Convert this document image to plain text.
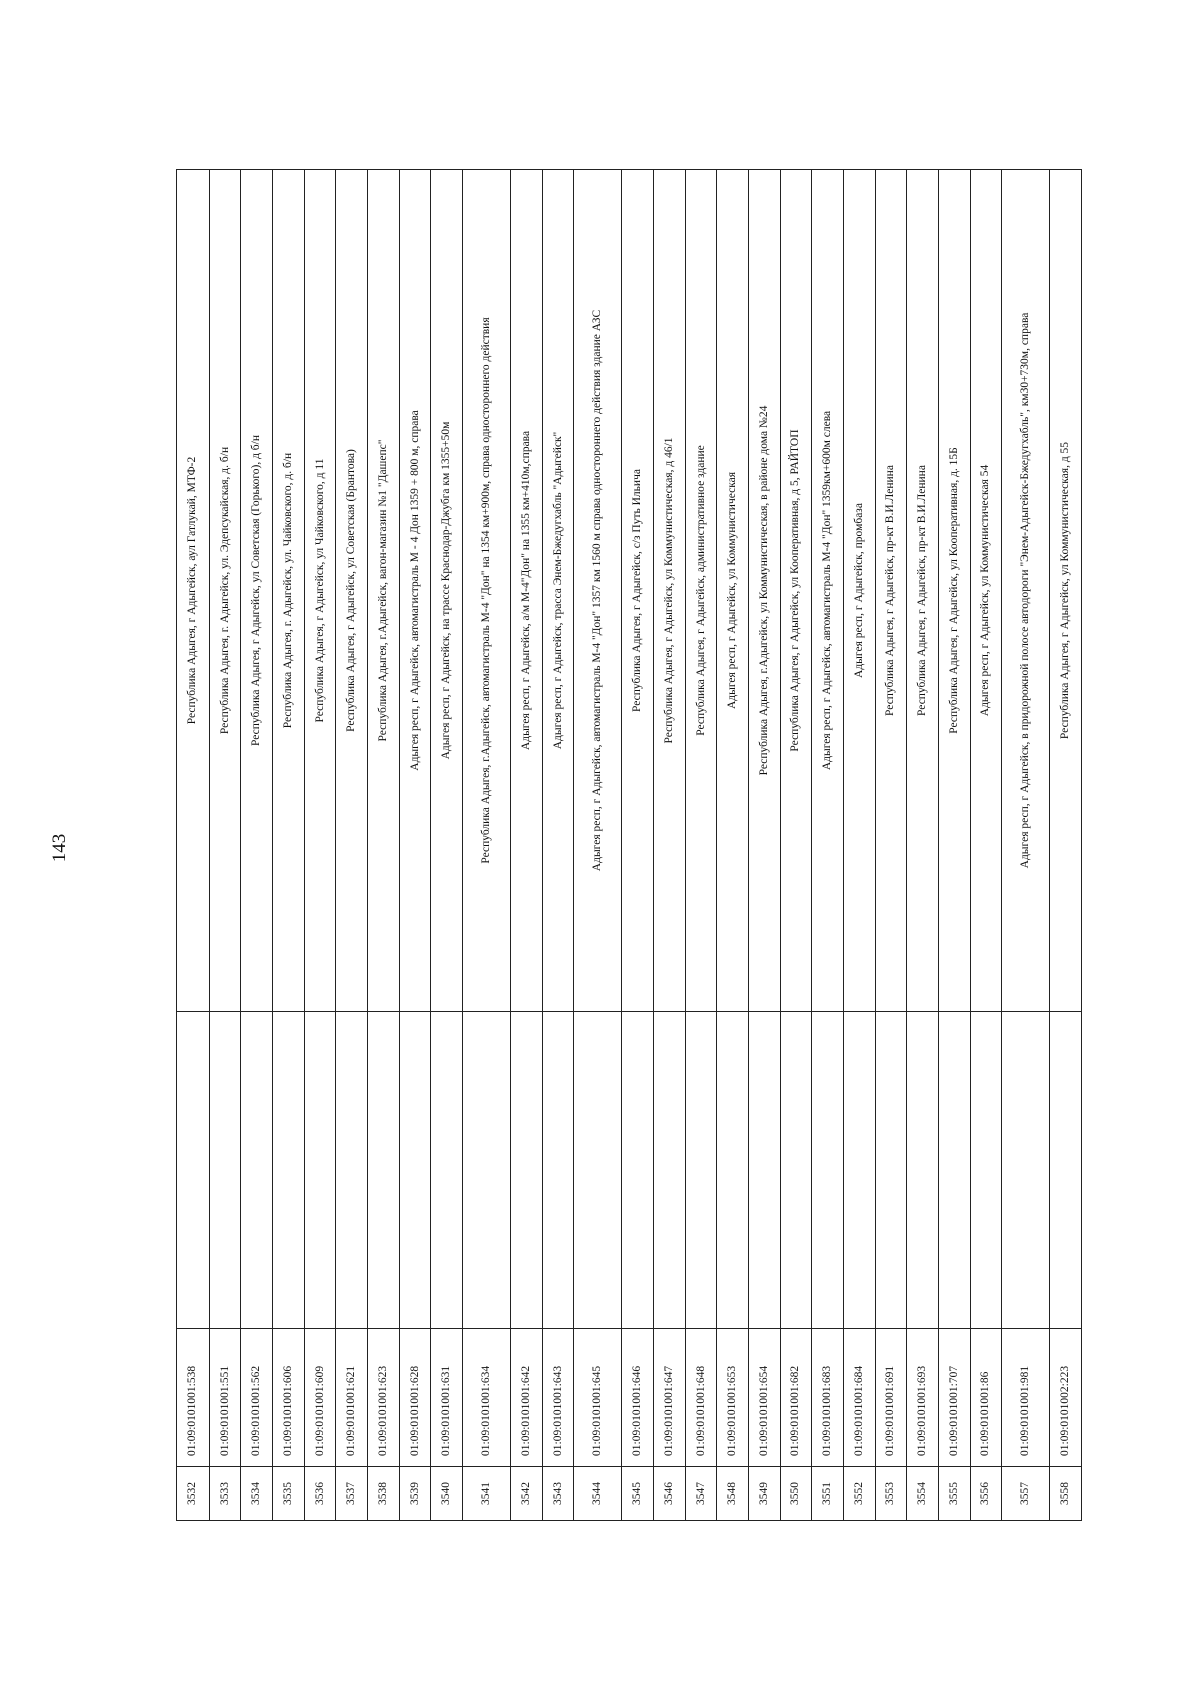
143
3532	01:09:0101001:538		Республика Адыгея, г Адыгейск, аул Гатлукай, МТФ-2
3533	01:09:0101001:551		Республика Адыгея, г. Адыгейск, ул. Эдепсукайская, д. б/н
3534	01:09:0101001:562		Республика Адыгея, г Адыгейск, ул Советская (Горького), д б/н
3535	01:09:0101001:606		Республика Адыгея, г. Адыгейск, ул. Чайковского, д. б/н
3536	01:09:0101001:609		Республика Адыгея, г Адыгейск, ул Чайковского, д 11
3537	01:09:0101001:621		Республика Адыгея, г Адыгейск, ул Советская (Брантова)
3538	01:09:0101001:623		Республика Адыгея, г.Адыгейск, вагон-магазин №1 "Дашепс"
3539	01:09:0101001:628		Адыгея респ, г Адыгейск, автомагистраль М - 4 Дон 1359 + 800 м, справа
3540	01:09:0101001:631		Адыгея респ, г Адыгейск, на трассе Краснодар-Джубга км 1355+50м
3541	01:09:0101001:634		Республика Адыгея, г.Адыгейск, автомагистраль М-4 "Дон" на 1354 км+900м, справа одностороннего действия
3542	01:09:0101001:642		Адыгея респ, г Адыгейск, а/м М-4"Дон" на 1355 км+410м,справа
3543	01:09:0101001:643		Адыгея респ, г Адыгейск, трасса Энем-Бжедугхабль "Адыгейск"
3544	01:09:0101001:645		Адыгея респ, г Адыгейск, автомагистраль М-4 "Дон" 1357 км 1560 м справа одностороннего действия здание АЗС
3545	01:09:0101001:646		Республика Адыгея, г Адыгейск, с/з Путь Ильича
3546	01:09:0101001:647		Республика Адыгея, г Адыгейск, ул Коммунистическая, д 46/1
3547	01:09:0101001:648		Республика Адыгея, г Адыгейск, административное здание
3548	01:09:0101001:653		Адыгея респ, г Адыгейск, ул Коммунистическая
3549	01:09:0101001:654		Республика Адыгея, г.Адыгейск, ул Коммунистическая, в районе дома №24
3550	01:09:0101001:682		Республика Адыгея, г Адыгейск, ул Кооперативная, д 5, РАЙТОП
3551	01:09:0101001:683		Адыгея респ, г Адыгейск, автомагистраль М-4 "Дон" 1359км+600м слева
3552	01:09:0101001:684		Адыгея респ, г Адыгейск, промбаза
3553	01:09:0101001:691		Республика Адыгея, г Адыгейск, пр-кт В.И.Ленина
3554	01:09:0101001:693		Республика Адыгея, г Адыгейск, пр-кт В.И.Ленина
3555	01:09:0101001:707		Республика Адыгея, г Адыгейск, ул Кооперативная, д. 15Б
3556	01:09:0101001:86		Адыгея респ, г Адыгейск, ул Коммунистическая 54
3557	01:09:0101001:981		Адыгея респ, г Адыгейск, в придорожной полосе автодороги "Энем-Адыгейск-Бжедугхабль", км30+730м, справа
3558	01:09:0101002:223		Республика Адыгея, г Адыгейск, ул Коммунистическая, д 55
